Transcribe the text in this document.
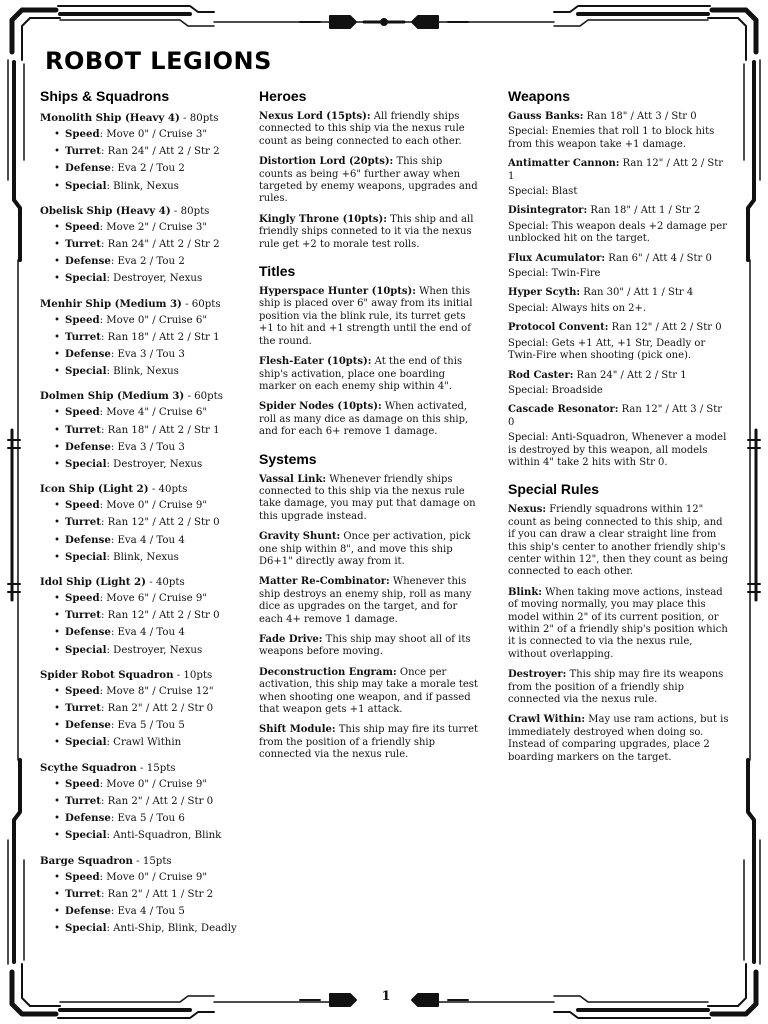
ROBOT LEGIONS
Ships & Squadrons
Monolith Ship (Heavy 4) - 80pts
• Speed: Move 0" / Cruise 3"
• Turret: Ran 24" / Att 2 / Str 2
• Defense: Eva 2 / Tou 2
• Special: Blink, Nexus
Obelisk Ship (Heavy 4) - 80pts
• Speed: Move 2" / Cruise 3"
• Turret: Ran 24" / Att 2 / Str 2
• Defense: Eva 2 / Tou 2
• Special: Destroyer, Nexus
Menhir Ship (Medium 3) - 60pts
• Speed: Move 0" / Cruise 6"
• Turret: Ran 18" / Att 2 / Str 1
• Defense: Eva 3 / Tou 3
• Special: Blink, Nexus
Dolmen Ship (Medium 3) - 60pts
• Speed: Move 4" / Cruise 6"
• Turret: Ran 18" / Att 2 / Str 1
• Defense: Eva 3 / Tou 3
• Special: Destroyer, Nexus
Icon Ship (Light 2) - 40pts
• Speed: Move 0" / Cruise 9"
• Turret: Ran 12" / Att 2 / Str 0
• Defense: Eva 4 / Tou 4
• Special: Blink, Nexus
Idol Ship (Light 2) - 40pts
• Speed: Move 6" / Cruise 9"
• Turret: Ran 12" / Att 2 / Str 0
• Defense: Eva 4 / Tou 4
• Special: Destroyer, Nexus
Spider Robot Squadron - 10pts
• Speed: Move 8" / Cruise 12"
• Turret: Ran 2" / Att 2 / Str 0
• Defense: Eva 5 / Tou 5
• Special: Crawl Within
Scythe Squadron - 15pts
• Speed: Move 0" / Cruise 9"
• Turret: Ran 2" / Att 2 / Str 0
• Defense: Eva 5 / Tou 6
• Special: Anti-Squadron, Blink
Barge Squadron - 15pts
• Speed: Move 0" / Cruise 9"
• Turret: Ran 2" / Att 1 / Str 2
• Defense: Eva 4 / Tou 5
• Special: Anti-Ship, Blink, Deadly
Heroes

Nexus Lord (15pts): All friendly ships connected to this ship via the nexus rule count as being connected to each other.

Distortion Lord (20pts): This ship counts as being +6" further away when targeted by enemy weapons, upgrades and rules.

Kingly Throne (10pts): This ship and all friendly ships conneted to it via the nexus rule get +2 to morale test rolls.

Titles

Hyperspace Hunter (10pts): When this ship is placed over 6" away from its initial position via the blink rule, its turret gets +1 to hit and +1 strength until the end of the round.

Flesh-Eater (10pts): At the end of this ship's activation, place one boarding marker on each enemy ship within 4".

Spider Nodes (10pts): When activated, roll as many dice as damage on this ship, and for each 6+ remove 1 damage.

Systems

Vassal Link: Whenever friendly ships connected to this ship via the nexus rule take damage, you may put that damage on this upgrade instead.

Gravity Shunt: Once per activation, pick one ship within 8", and move this ship D6+1" directly away from it.

Matter Re-Combinator: Whenever this ship destroys an enemy ship, roll as many dice as upgrades on the target, and for each 4+ remove 1 damage.

Fade Drive: This ship may shoot all of its weapons before moving.

Deconstruction Engram: Once per activation, this ship may take a morale test when shooting one weapon, and if passed that weapon gets +1 attack.

Shift Module: This ship may fire its turret from the position of a friendly ship connected via the nexus rule.

Weapons

Gauss Banks: Ran 18" / Att 3 / Str 0

Special: Enemies that roll 1 to block hits from this weapon take +1 damage.

Antimatter Cannon: Ran 12" / Att 2 / Str 1

Special: Blast

Disintegrator: Ran 18" / Att 1 / Str 2

Special: This weapon deals +2 damage per unblocked hit on the target.

Flux Acumulator: Ran 6" / Att 4 / Str 0

Special: Twin-Fire

Hyper Scyth: Ran 30" / Att 1 / Str 4

Special: Always hits on 2+.

Protocol Convent: Ran 12" / Att 2 / Str 0

Special: Gets +1 Att, +1 Str, Deadly or Twin-Fire when shooting (pick one).

Rod Caster: Ran 24" / Att 2 / Str 1

Special: Broadside

Cascade Resonator: Ran 12" / Att 3 / Str 0

Special: Anti-Squadron, Whenever a model is destroyed by this weapon, all models within 4" take 2 hits with Str 0.

Special Rules

Nexus: Friendly squadrons within 12" count as being connected to this ship, and if you can draw a clear straight line from this ship's center to another friendly ship's center within 12", then they count as being connected to each other.

Blink: When taking move actions, instead of moving normally, you may place this model within 2" of its current position, or within 2" of a friendly ship's position which it is connected to via the nexus rule, without overlapping.

Destroyer: This ship may fire its weapons from the position of a friendly ship connected via the nexus rule.

Crawl Within: May use ram actions, but is immediately destroyed when doing so. Instead of comparing upgrades, place 2 boarding markers on the target.

1
